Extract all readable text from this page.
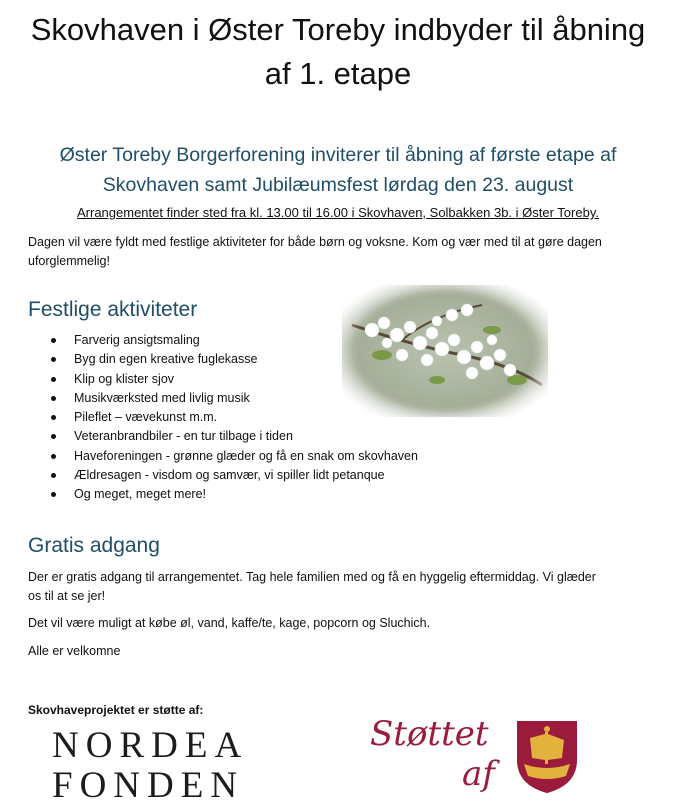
Skovhaven i Øster Toreby indbyder til åbning
af 1. etape
Øster Toreby Borgerforening inviterer til åbning af første etape af
Skovhaven samt Jubilæumsfest lørdag den 23. august
Arrangementet finder sted fra kl. 13.00 til 16.00 i Skovhaven, Solbakken 3b. i Øster Toreby.
Dagen vil være fyldt med festlige aktiviteter for både børn og voksne. Kom og vær med til at gøre dagen
uforglemmelig!
Festlige aktiviteter
Farverig ansigtsmaling
Byg din egen kreative fuglekasse
Klip og klister sjov
Musikværksted med livlig musik
Pileflet – vævekunst m.m.
Veteranbrandbiler - en tur tilbage i tiden
Haveforeningen - grønne glæder og få en snak om skovhaven
Ældresagen - visdom og samvær, vi spiller lidt petanque
Og meget, meget mere!
Gratis adgang
Der er gratis adgang til arrangementet. Tag hele familien med og få en hyggelig eftermiddag. Vi glæder
os til at se jer!
Det vil være muligt at købe øl, vand, kaffe/te, kage, popcorn og Sluchich.
Alle er velkomne
Skovhaveprojektet er støtte af:
NORDEA
FONDEN
Støttet
af
